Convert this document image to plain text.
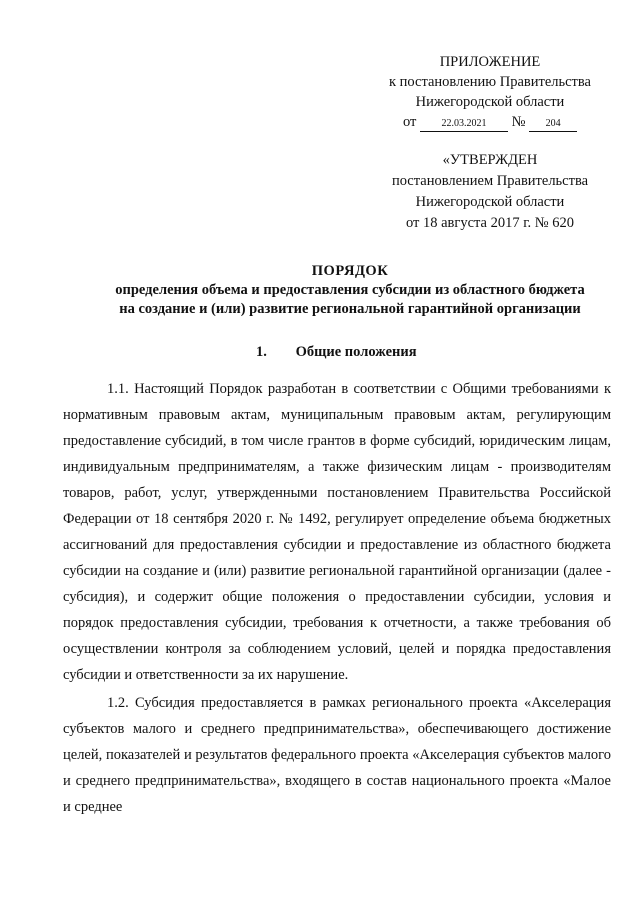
ПРИЛОЖЕНИЕ
к постановлению Правительства
Нижегородской области
от	22.03.2021 № 204
«УТВЕРЖДЕН
постановлением Правительства
Нижегородской области
от 18 августа 2017 г. № 620
ПОРЯДОК
определения объема и предоставления субсидии из областного бюджета
на создание и (или) развитие региональной гарантийной организации
1. Общие положения

1.1. Настоящий Порядок разработан в соответствии с Общими требованиями к нормативным правовым актам, муниципальным правовым актам, регулирующим предоставление субсидий, в том числе грантов в форме субсидий, юридическим лицам, индивидуальным предпринимателям, а также физическим лицам - производителям товаров, работ, услуг, утвержденными постановлением Правительства Российской Федерации от 18 сентября 2020 г. № 1492, регулирует определение объема бюджетных ассигнований для предоставления субсидии и предоставление из областного бюджета субсидии на создание и (или) развитие региональной гарантийной организации (далее - субсидия), и содержит общие положения о предоставлении субсидии, условия и порядок предоставления субсидии, требования к отчетности, а также требования об осуществлении контроля за соблюдением условий, целей и порядка предоставления субсидии и ответственности за их нарушение.

1.2. Субсидия предоставляется в рамках регионального проекта «Акселерация субъектов малого и среднего предпринимательства», обеспечивающего достижение целей, показателей и результатов федерального проекта «Акселерация субъектов малого и среднего предпринимательства», входящего в состав национального проекта «Малое и среднее
